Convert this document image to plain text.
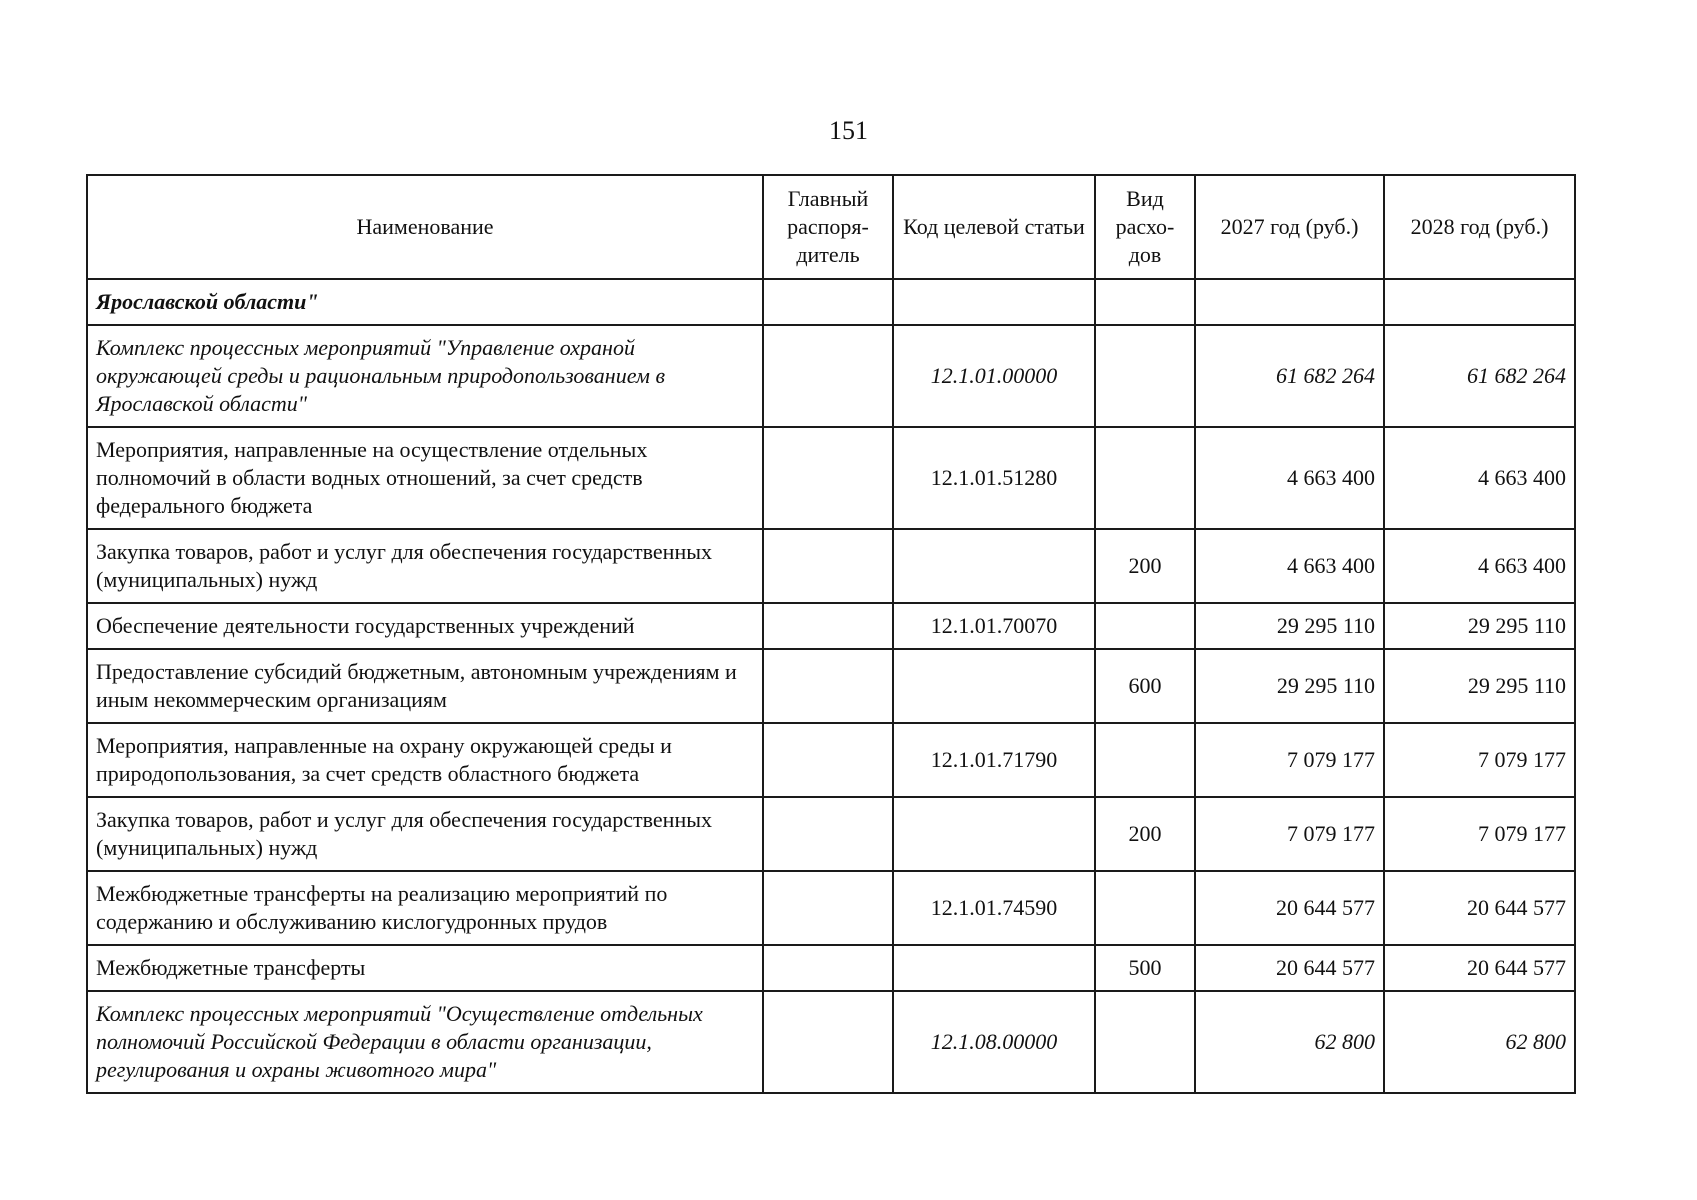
151
Наименование	Главный распоря-дитель	Код целевой статьи	Вид расхо-дов	2027 год (руб.)	2028 год (руб.)
Ярославской области"					
Комплекс процессных мероприятий "Управление охраной окружающей среды и рациональным природопользованием в Ярославской области"		12.1.01.00000		61 682 264	61 682 264
Мероприятия, направленные на осуществление отдельных полномочий в области водных отношений, за счет средств федерального бюджета		12.1.01.51280		4 663 400	4 663 400
Закупка товаров, работ и услуг для обеспечения государственных (муниципальных) нужд			200	4 663 400	4 663 400
Обеспечение деятельности государственных учреждений		12.1.01.70070		29 295 110	29 295 110
Предоставление субсидий бюджетным, автономным учреждениям и иным некоммерческим организациям			600	29 295 110	29 295 110
Мероприятия, направленные на охрану окружающей среды и природопользования, за счет средств областного бюджета		12.1.01.71790		7 079 177	7 079 177
Закупка товаров, работ и услуг для обеспечения государственных (муниципальных) нужд			200	7 079 177	7 079 177
Межбюджетные трансферты на реализацию мероприятий по содержанию и обслуживанию кислогудронных прудов		12.1.01.74590		20 644 577	20 644 577
Межбюджетные трансферты			500	20 644 577	20 644 577
Комплекс процессных мероприятий "Осуществление отдельных полномочий Российской Федерации в области организации, регулирования и охраны животного мира"		12.1.08.00000		62 800	62 800
